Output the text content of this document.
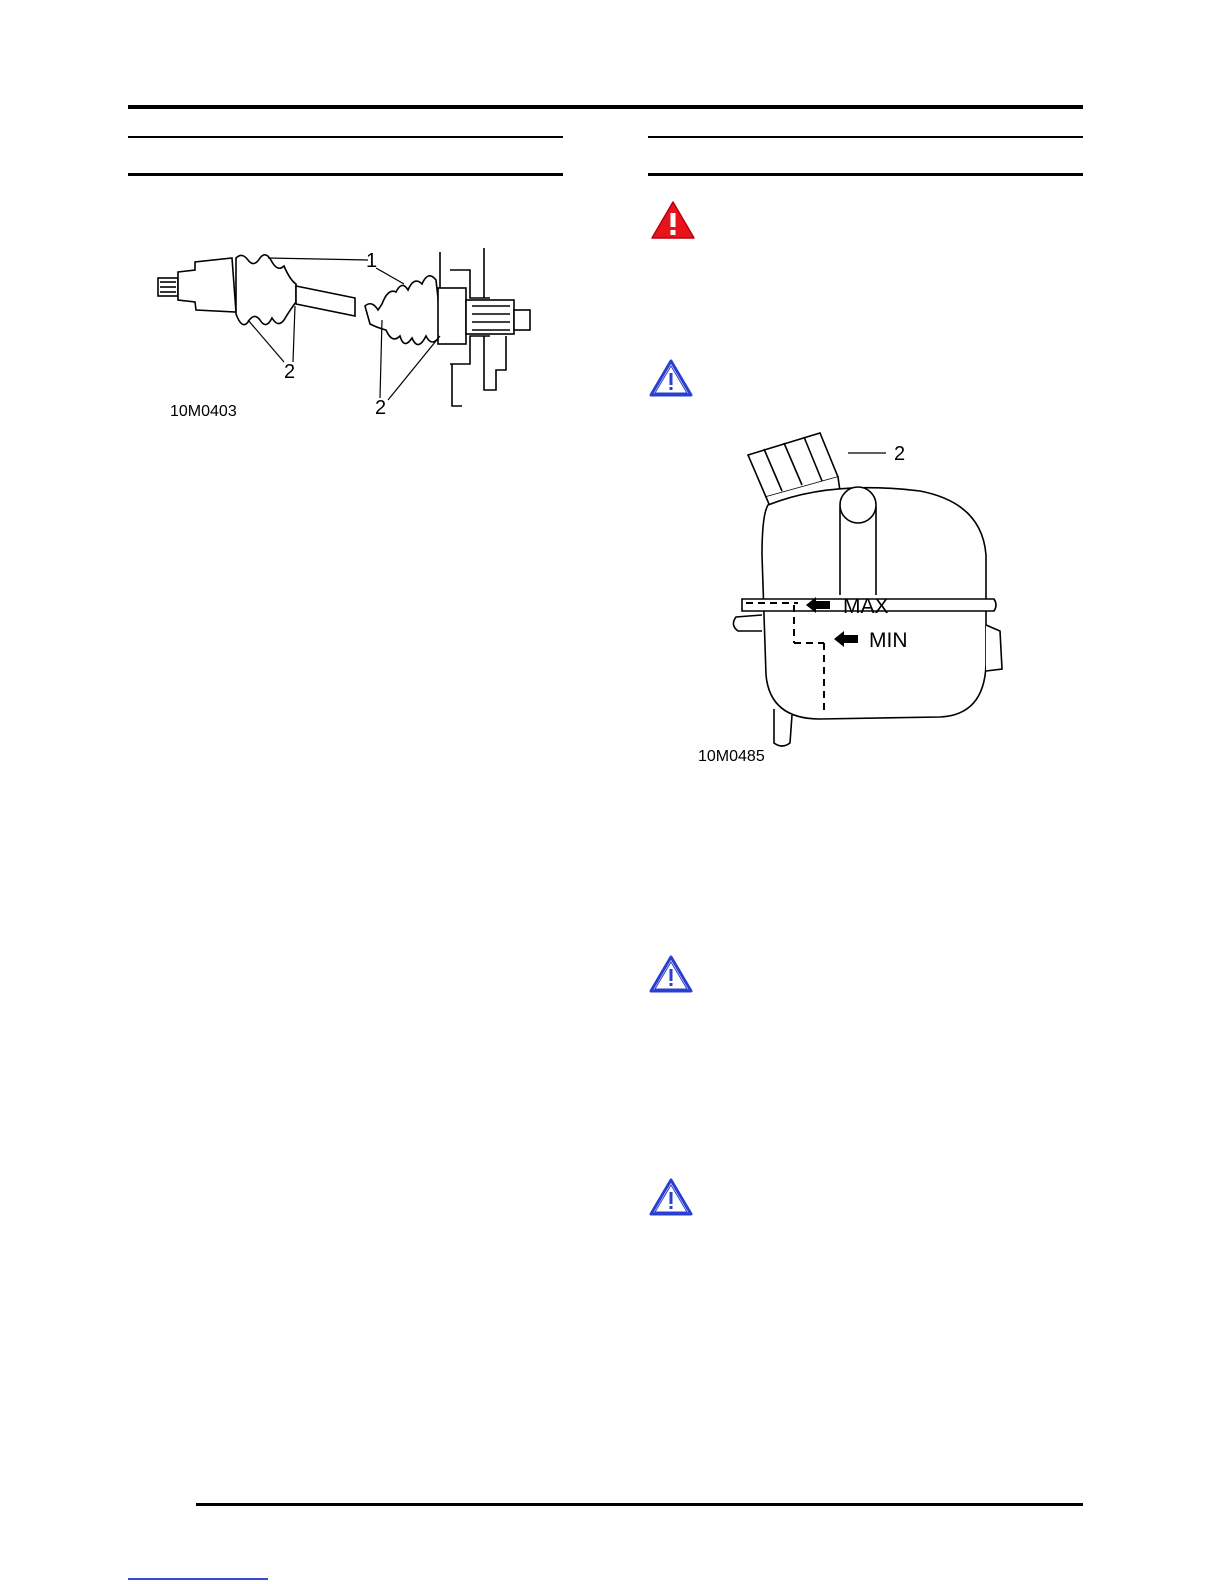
1
2
2
10M0403
MAX
MIN
2
10M0485
